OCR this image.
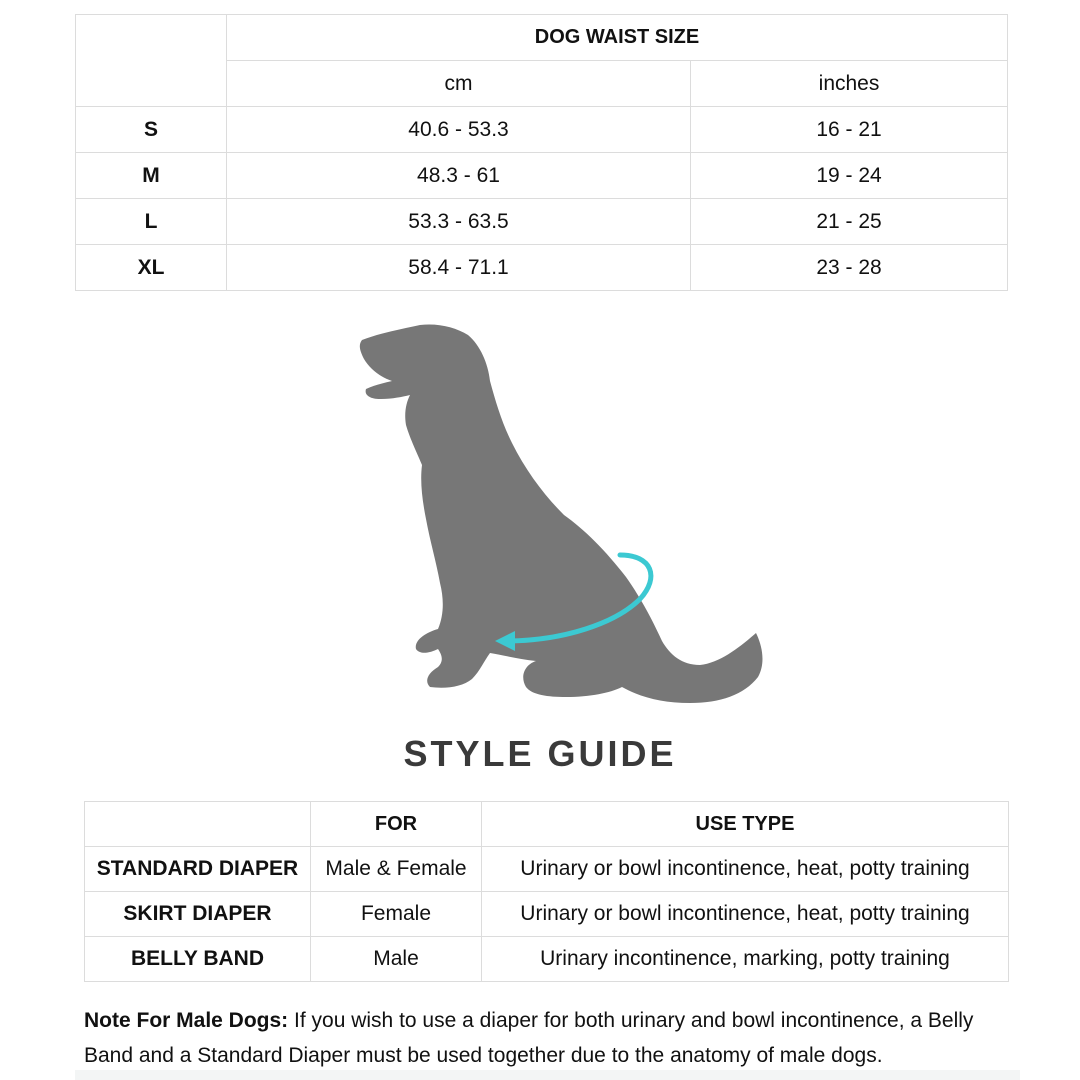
	DOG WAIST SIZE	
	cm	inches
S	40.6 - 53.3	16 - 21
M	48.3 - 61	19 - 24
L	53.3 - 63.5	21 - 25
XL	58.4 - 71.1	23 - 28
STYLE GUIDE
	FOR	USE TYPE
STANDARD DIAPER	Male & Female	Urinary or bowl incontinence, heat, potty training
SKIRT DIAPER	Female	Urinary or bowl incontinence, heat, potty training
BELLY BAND	Male	Urinary incontinence, marking, potty training
Note For Male Dogs: If you wish to use a diaper for both urinary and bowl incontinence, a Belly Band and a Standard Diaper must be used together due to the anatomy of male dogs.
